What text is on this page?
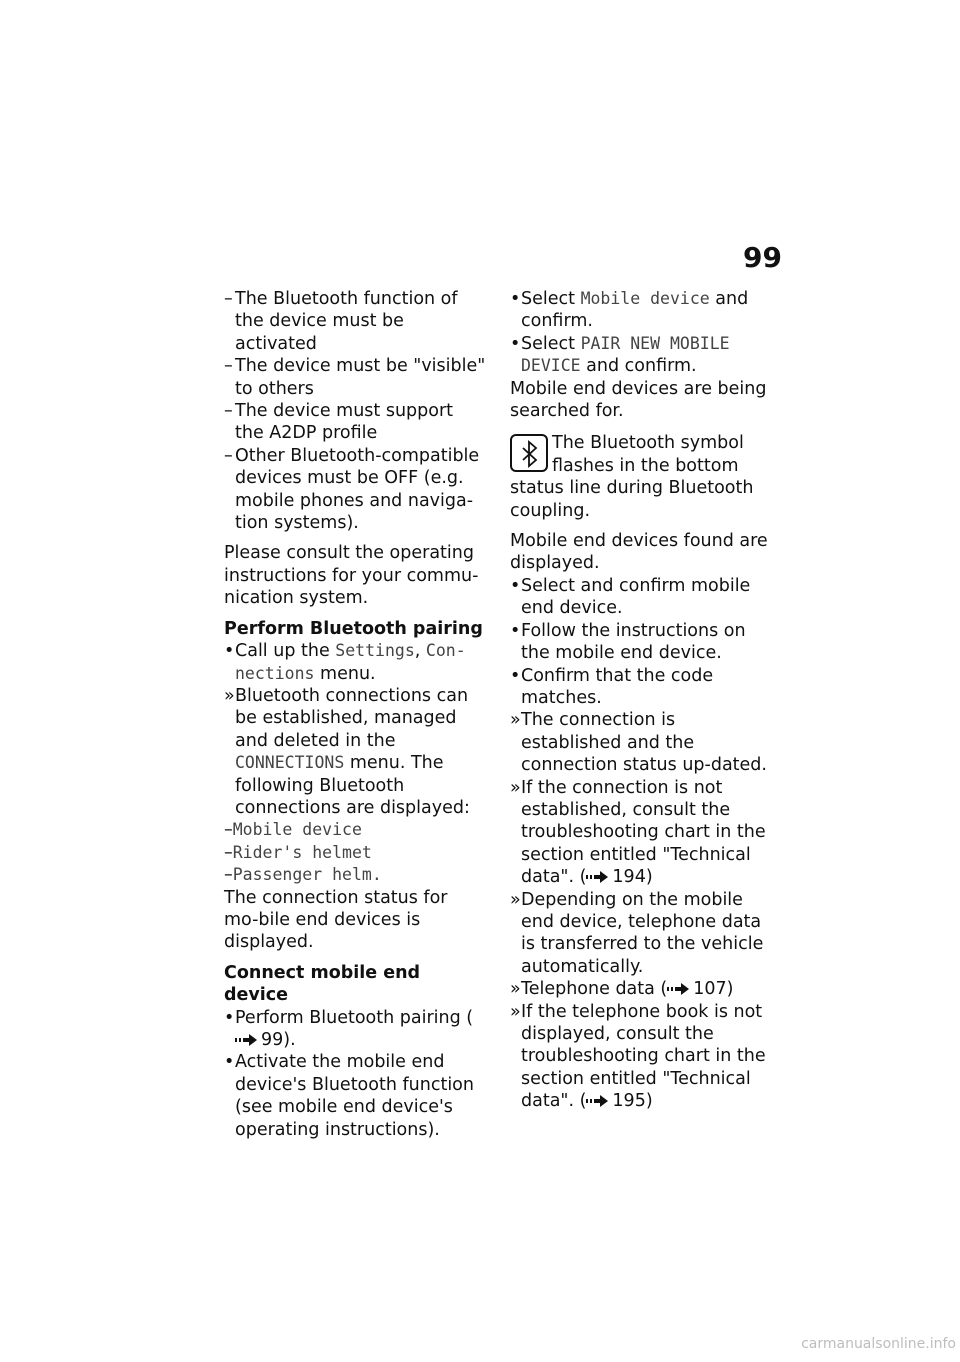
99
– The Bluetooth function of the device must be activated
– The device must be "visible" to others
– The device must support the A2DP profile
– Other Bluetooth-compatible devices must be OFF (e.g. mobile phones and naviga-tion systems).

Please consult the operating instructions for your commu-nication system.

Perform Bluetooth pairing
• Call up the Settings, Con-nections menu.
» Bluetooth connections can be established, managed and deleted in the CONNECTIONS menu. The following Bluetooth connections are displayed:
–Mobile device
–Rider's helmet
–Passenger helm.

The connection status for mo-bile end devices is displayed.

Connect mobile end device
• Perform Bluetooth pairing (99).
• Activate the mobile end device's Bluetooth function (see mobile end device's operating instructions).
• Select Mobile device and confirm.
• Select PAIR NEW MOBILE DEVICE and confirm.

Mobile end devices are being searched for.

The Bluetooth symbol flashes in the bottom status line during Bluetooth coupling.

Mobile end devices found are displayed.

• Select and confirm mobile end device.
• Follow the instructions on the mobile end device.
• Confirm that the code matches.
» The connection is established and the connection status up-dated.
» If the connection is not established, consult the troubleshooting chart in the section entitled "Technical data". ( 194)
» Depending on the mobile end device, telephone data is transferred to the vehicle automatically.
» Telephone data ( 107)
» If the telephone book is not displayed, consult the troubleshooting chart in the section entitled "Technical data". ( 195)
carmanualsonline.info
